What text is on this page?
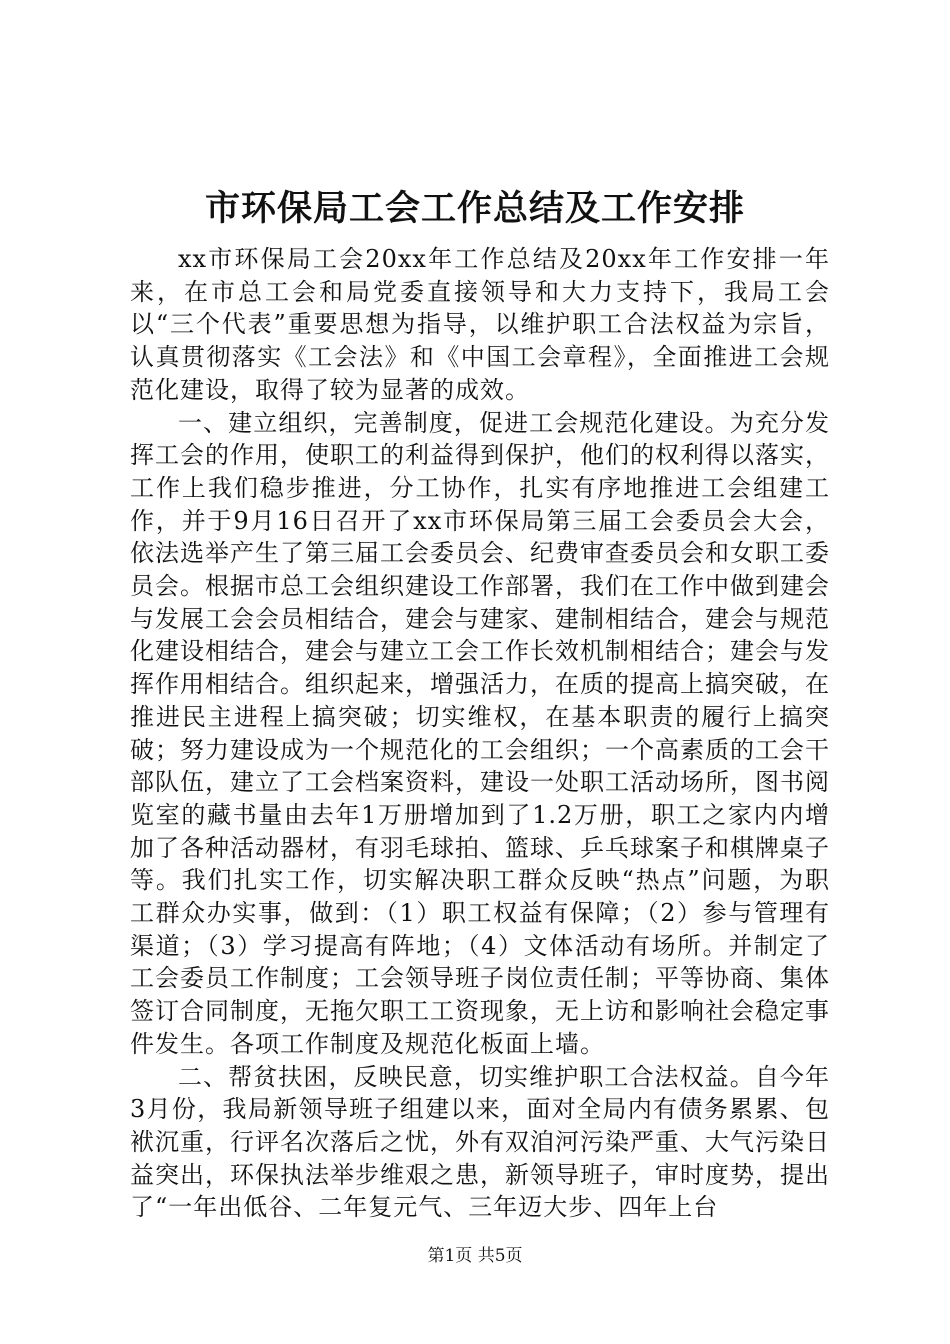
市环保局工会工作总结及工作安排

xx市环保局工会20xx年工作总结及20xx年工作安排一年来，在市总工会和局党委直接领导和大力支持下，我局工会以“三个代表”重要思想为指导，以维护职工合法权益为宗旨，认真贯彻落实《工会法》和《中国工会章程》，全面推进工会规范化建设，取得了较为显著的成效。

一、建立组织，完善制度，促进工会规范化建设。为充分发挥工会的作用，使职工的利益得到保护，他们的权利得以落实，工作上我们稳步推进，分工协作，扎实有序地推进工会组建工作，并于9月16日召开了xx市环保局第三届工会委员会大会，依法选举产生了第三届工会委员会、纪费审查委员会和女职工委员会。根据市总工会组织建设工作部署，我们在工作中做到建会与发展工会会员相结合，建会与建家、建制相结合，建会与规范化建设相结合，建会与建立工会工作长效机制相结合；建会与发挥作用相结合。组织起来，增强活力，在质的提高上搞突破，在推进民主进程上搞突破；切实维权，在基本职责的履行上搞突破；努力建设成为一个规范化的工会组织；一个高素质的工会干部队伍，建立了工会档案资料，建设一处职工活动场所，图书阅览室的藏书量由去年1万册增加到了1.2万册，职工之家内内增加了各种活动器材，有羽毛球拍、篮球、乒乓球案子和棋牌桌子等。我们扎实工作，切实解决职工群众反映“热点”问题，为职工群众办实事，做到：（1）职工权益有保障；（2）参与管理有渠道；（3）学习提高有阵地；（4）文体活动有场所。并制定了工会委员工作制度；工会领导班子岗位责任制；平等协商、集体签订合同制度，无拖欠职工工资现象，无上访和影响社会稳定事件发生。各项工作制度及规范化板面上墙。

二、帮贫扶困，反映民意，切实维护职工合法权益。自今年3月份，我局新领导班子组建以来，面对全局内有债务累累、包袱沉重，行评名次落后之忧，外有双洎河污染严重、大气污染日益突出，环保执法举步维艰之患，新领导班子，审时度势，提出了“一年出低谷、二年复元气、三年迈大步、四年上台

第1页 共5页
